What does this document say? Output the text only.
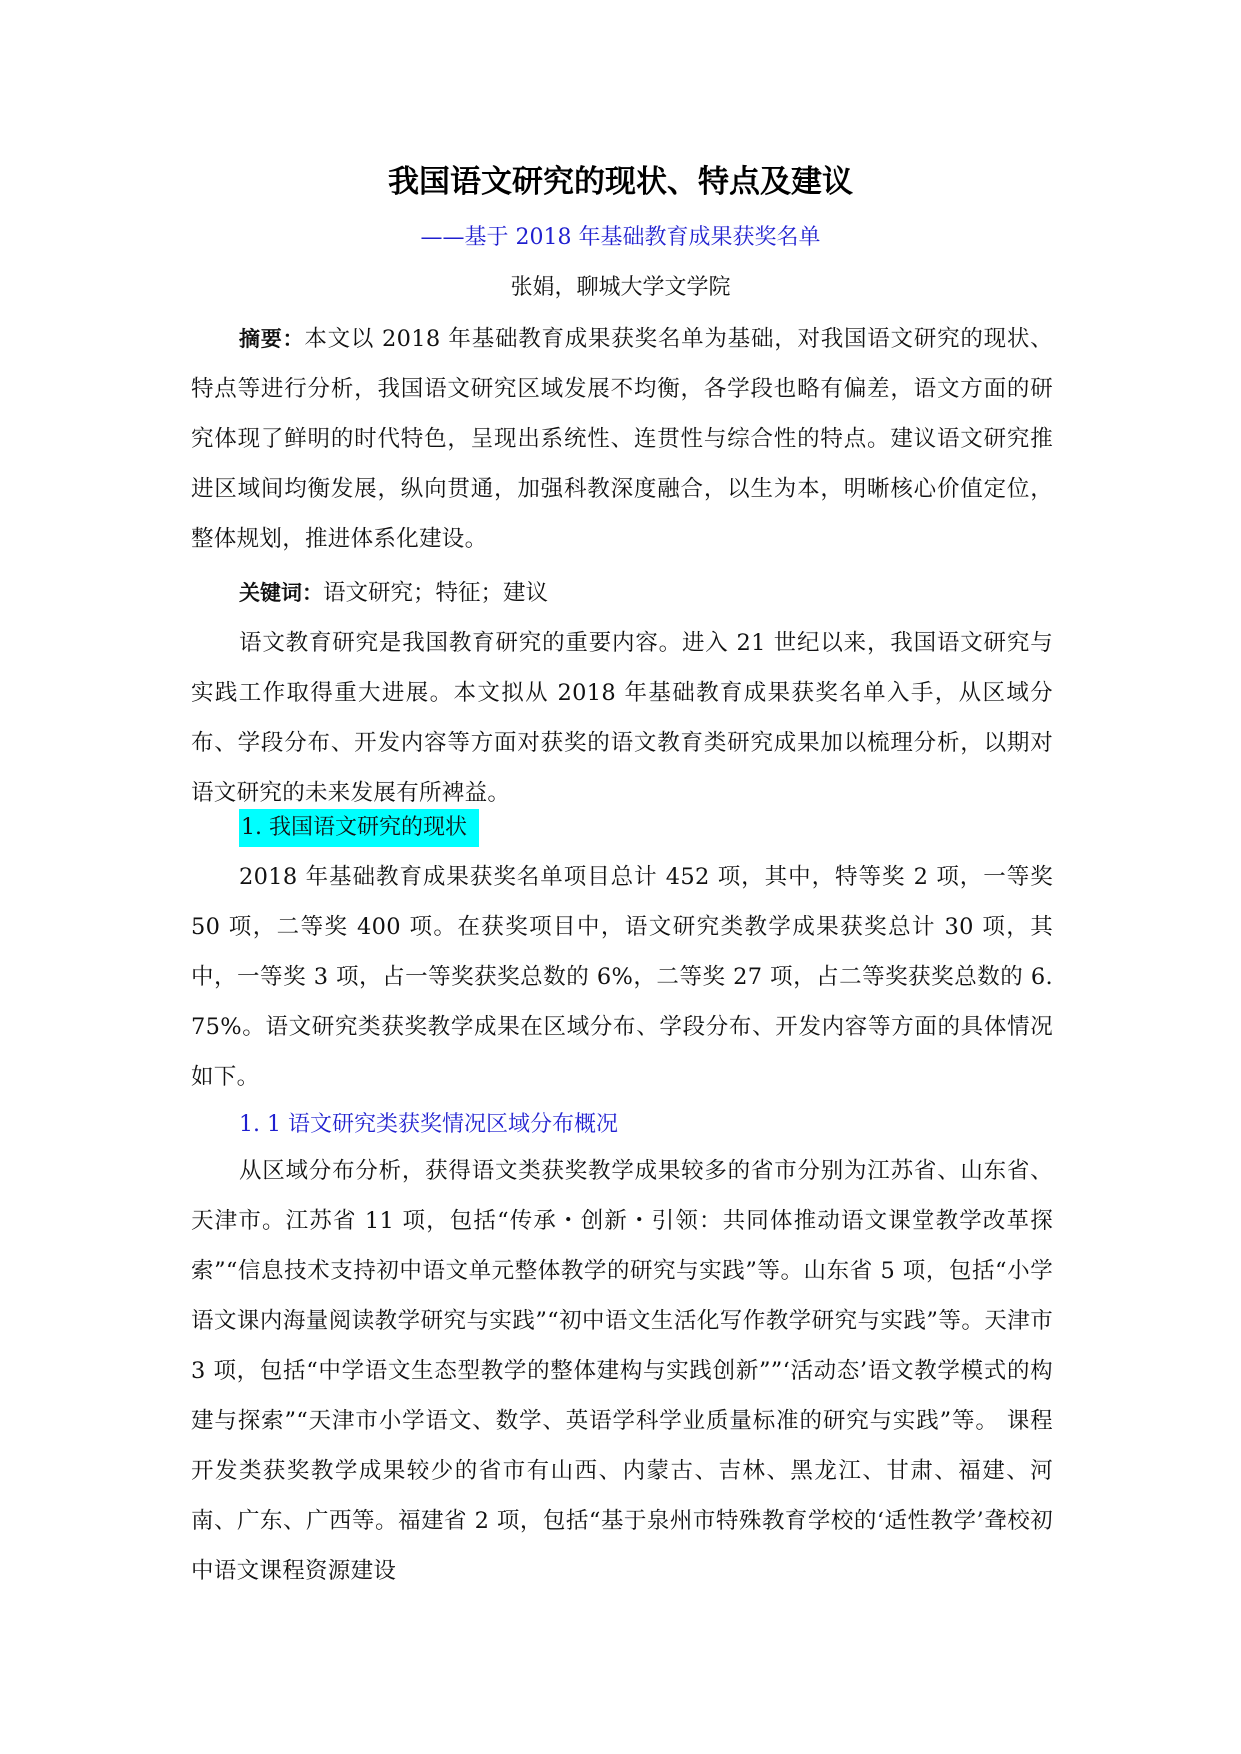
我国语文研究的现状、特点及建议
——基于 2018 年基础教育成果获奖名单
张娟，聊城大学文学院

摘要：本文以 2018 年基础教育成果获奖名单为基础，对我国语文研究的现状、特点等进行分析，我国语文研究区域发展不均衡，各学段也略有偏差，语文方面的研究体现了鲜明的时代特色，呈现出系统性、连贯性与综合性的特点。建议语文研究推进区域间均衡发展，纵向贯通，加强科教深度融合，以生为本，明晰核心价值定位，整体规划，推进体系化建设。

关键词：语文研究；特征；建议

语文教育研究是我国教育研究的重要内容。进入 21 世纪以来，我国语文研究与实践工作取得重大进展。本文拟从 2018 年基础教育成果获奖名单入手，从区域分布、学段分布、开发内容等方面对获奖的语文教育类研究成果加以梳理分析，以期对语文研究的未来发展有所裨益。

1. 我国语文研究的现状

2018 年基础教育成果获奖名单项目总计 452 项，其中，特等奖 2 项，一等奖 50 项，二等奖 400 项。在获奖项目中，语文研究类教学成果获奖总计 30 项，其中，一等奖 3 项，占一等奖获奖总数的 6%，二等奖 27 项，占二等奖获奖总数的 6. 75%。语文研究类获奖教学成果在区域分布、学段分布、开发内容等方面的具体情况如下。

1. 1 语文研究类获奖情况区域分布概况

从区域分布分析，获得语文类获奖教学成果较多的省市分别为江苏省、山东省、天津市。江苏省 11 项，包括“传承・创新・引领：共同体推动语文课堂教学改革探索”“信息技术支持初中语文单元整体教学的研究与实践”等。山东省 5 项，包括“小学语文课内海量阅读教学研究与实践”“初中语文生活化写作教学研究与实践”等。天津市 3 项，包括“中学语文生态型教学的整体建构与实践创新””‘活动态’语文教学模式的构建与探索”“天津市小学语文、数学、英语学科学业质量标准的研究与实践”等。 课程开发类获奖教学成果较少的省市有山西、内蒙古、吉林、黑龙江、甘肃、福建、河南、广东、广西等。福建省 2 项，包括“基于泉州市特殊教育学校的‘适性教学’聋校初中语文课程资源建设
